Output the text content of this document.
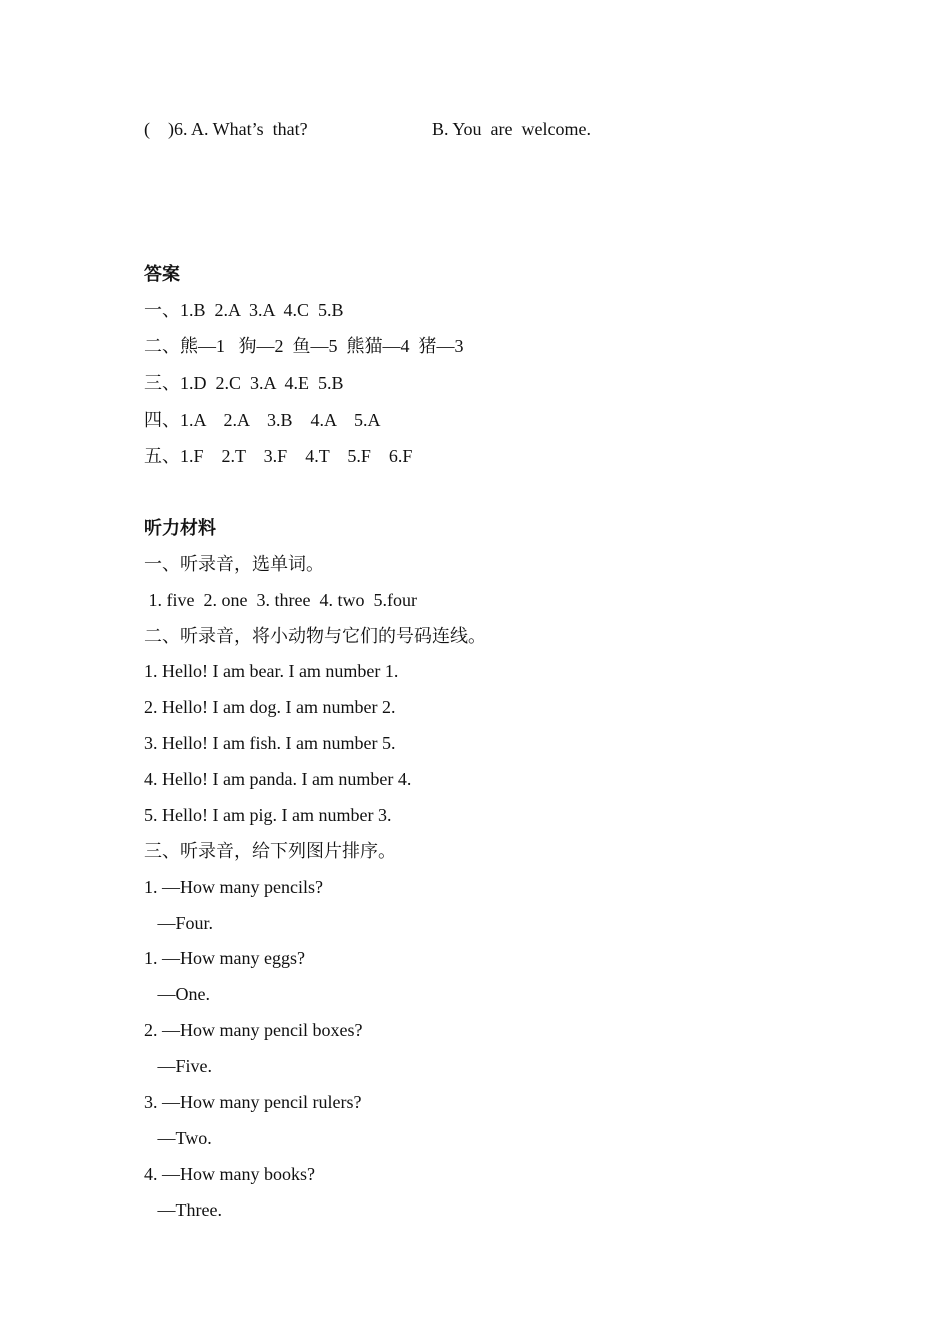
(    )6. A. What’s  that?	B. You  are  welcome.
答案
一、1.B  2.A  3.A  4.C  5.B
二、熊—1   狗—2  鱼—5  熊猫—4  猪—3
三、1.D  2.C  3.A  4.E  5.B
四、1.A    2.A    3.B    4.A    5.A
五、1.F    2.T    3.F    4.T    5.F    6.F
听力材料
一、听录音，选单词。
1. five  2. one  3. three  4. two  5.four
二、听录音，将小动物与它们的号码连线。
1. Hello! I am bear. I am number 1.
2. Hello! I am dog. I am number 2.
3. Hello! I am fish. I am number 5.
4. Hello! I am panda. I am number 4.
5. Hello! I am pig. I am number 3.
三、听录音，给下列图片排序。
1. —How many pencils?
—Four.
1. —How many eggs?
—One.
2. —How many pencil boxes?
—Five.
3. —How many pencil rulers?
—Two.
4. —How many books?
—Three.
